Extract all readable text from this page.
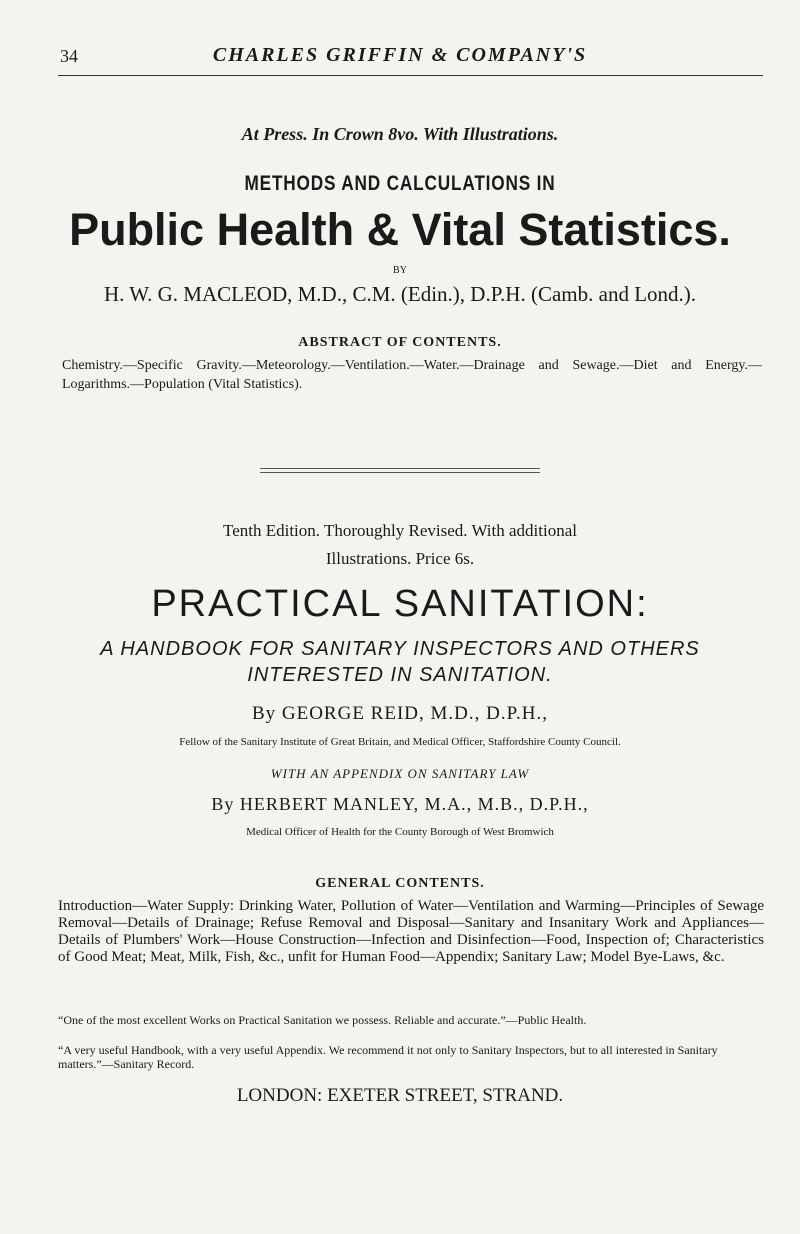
34	CHARLES GRIFFIN & COMPANY'S
At Press. In Crown 8vo. With Illustrations.
METHODS AND CALCULATIONS IN
Public Health & Vital Statistics.
BY
H. W. G. MACLEOD, M.D., C.M. (Edin.), D.P.H. (Camb. and Lond.).
ABSTRACT OF CONTENTS.
Chemistry.—Specific Gravity.—Meteorology.—Ventilation.—Water.—Drainage and Sewage.—Diet and Energy.—Logarithms.—Population (Vital Statistics).
Tenth Edition. Thoroughly Revised. With additional
Illustrations. Price 6s.
PRACTICAL SANITATION:
A HANDBOOK FOR SANITARY INSPECTORS AND OTHERS
INTERESTED IN SANITATION.
By GEORGE REID, M.D., D.P.H.,
Fellow of the Sanitary Institute of Great Britain, and Medical Officer, Staffordshire County Council.
WITH AN APPENDIX ON SANITARY LAW
By HERBERT MANLEY, M.A., M.B., D.P.H.,
Medical Officer of Health for the County Borough of West Bromwich
GENERAL CONTENTS.
Introduction—Water Supply: Drinking Water, Pollution of Water—Ventilation and Warming—Principles of Sewage Removal—Details of Drainage; Refuse Removal and Disposal—Sanitary and Insanitary Work and Appliances—Details of Plumbers' Work—House Construction—Infection and Disinfection—Food, Inspection of; Characteristics of Good Meat; Meat, Milk, Fish, &c., unfit for Human Food—Appendix; Sanitary Law; Model Bye-Laws, &c.
“One of the most excellent Works on Practical Sanitation we possess. Reliable and accurate.”—Public Health.
“A very useful Handbook, with a very useful Appendix. We recommend it not only to Sanitary Inspectors, but to all interested in Sanitary matters.”—Sanitary Record.
LONDON: EXETER STREET, STRAND.
